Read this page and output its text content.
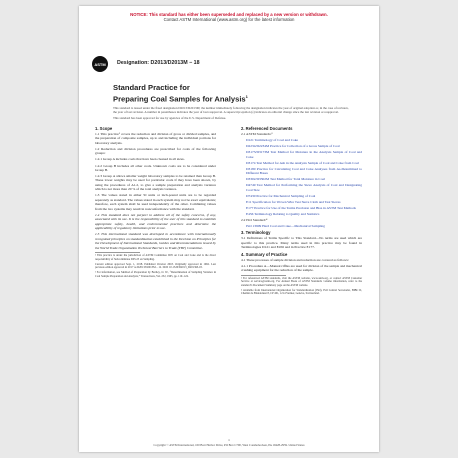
NOTICE: This standard has either been superseded and replaced by a new version or withdrawn.
Contact ASTM International (www.astm.org) for the latest information
ASTM Designation: D2013/D2013M − 18
Standard Practice for
Preparing Coal Samples for Analysis$^1$

This standard is issued under the fixed designation D2013/D2013M; the number immediately following the designation indicates the year of original adoption or, in the case of revision, the year of last revision. A number in parentheses indicates the year of last reapproval. A superscript epsilon (ε) indicates an editorial change since the last revision or reapproval.

This standard has been approved for use by agencies of the U.S. Department of Defense.

1. Scope

1.1 This practice¹ covers the reduction and division of gross or divided samples, and the preparation of composite samples, up to and including the individual portions for laboratory analysis.

1.2 Reduction and division procedures are prescribed for coals of the following groups:

1.2.1 Group A includes coals that have been cleaned in all sizes.

1.2.2 Group B includes all other coals. Unknown coals are to be considered under Group B.

1.2.3 Group A allows smaller weight laboratory samples to be retained than Group B. These lower weights may be used for particular coals if they have been shown, by using the procedures of A1.2, to give a sample preparation and analysis variance which is not more than 20 % of the total analysis variance.

1.3 The values stated in either SI units or inch-pound units are to be regarded separately as standard. The values stated in each system may not be exact equivalents; therefore, each system shall be used independently of the other. Combining values from the two systems may result in nonconformance with the standard.

1.4 This standard does not purport to address all of the safety concerns, if any, associated with its use. It is the responsibility of the user of this standard to establish appropriate safety, health, and environmental practices and determine the applicability of regulatory limitations prior to use.

1.5 This international standard was developed in accordance with internationally recognized principles on standardization established in the Decision on Principles for the Development of International Standards, Guides and Recommendations issued by the World Trade Organization Technical Barriers to Trade (TBT) Committee.

¹ This practice is under the jurisdiction of ASTM Committee D05 on Coal and Coke and is the direct responsibility of Subcommittee D05.23 on Sampling.

Current edition approved Sept. 1, 2018. Published October 2018. Originally approved in 1962. Last previous edition approved in 2017 as D2013/D2013M – 12. DOI: 10.1520/D2013_D2013M-18.

² For information, see Method of Preparation by Bartley, O. W., “Determination of Sampling Variance in Coal Sample Preparation and Analysis,” Transactions, Vol. 232, 1965, pp. 119–124.

2. Referenced Documents

2.1 ASTM Standards:³

D121 Terminology of Coal and Coke

D2234/D2234M Practice for Collection of a Gross Sample of Coal

D3173/D3173M Test Method for Moisture in the Analysis Sample of Coal and Coke

D3174 Test Method for Ash in the Analysis Sample of Coal and Coke from Coal

D3180 Practice for Calculating Coal and Coke Analyses from As-Determined to Different Bases

D3302/D3302M Test Method for Total Moisture in Coal

D4749 Test Method for Performing the Sieve Analysis of Coal and Designating Coal Size

D7430 Practice for Mechanical Sampling of Coal

E11 Specification for Woven Wire Test Sieve Cloth and Test Sieves

E177 Practice for Use of the Terms Precision and Bias in ASTM Test Methods

E456 Terminology Relating to Quality and Statistics

2.2 ISO Standard:⁴

ISO 13909 Hard Coal and Coke—Mechanical Sampling

3. Terminology

3.1 Definitions of Terms Specific to This Standard—No terms are used which are specific to this practice. Many terms used in this practice may be found in Terminologies D121 and E456 and in Practice E177.

4. Summary of Practice

4.1 These processes of sample division and reduction are covered as follows:

4.1.1 Procedure A—Manual riffles are used for division of the sample and mechanical crushing equipment for the reduction of the sample.

³ For referenced ASTM standards, visit the ASTM website, www.astm.org, or contact ASTM Customer Service at service@astm.org. For Annual Book of ASTM Standards volume information, refer to the standard’s Document Summary page on the ASTM website.

⁴ Available from International Organization for Standardization (ISO), ISO Central Secretariat, BIBC II, Chemin de Blandonnet 8, CP 401, 1214 Vernier, Geneva, Switzerland.

1
Copyright © ASTM International, 100 Barr Harbor Drive, PO Box C700, West Conshohocken, PA 19428-2959. United States
